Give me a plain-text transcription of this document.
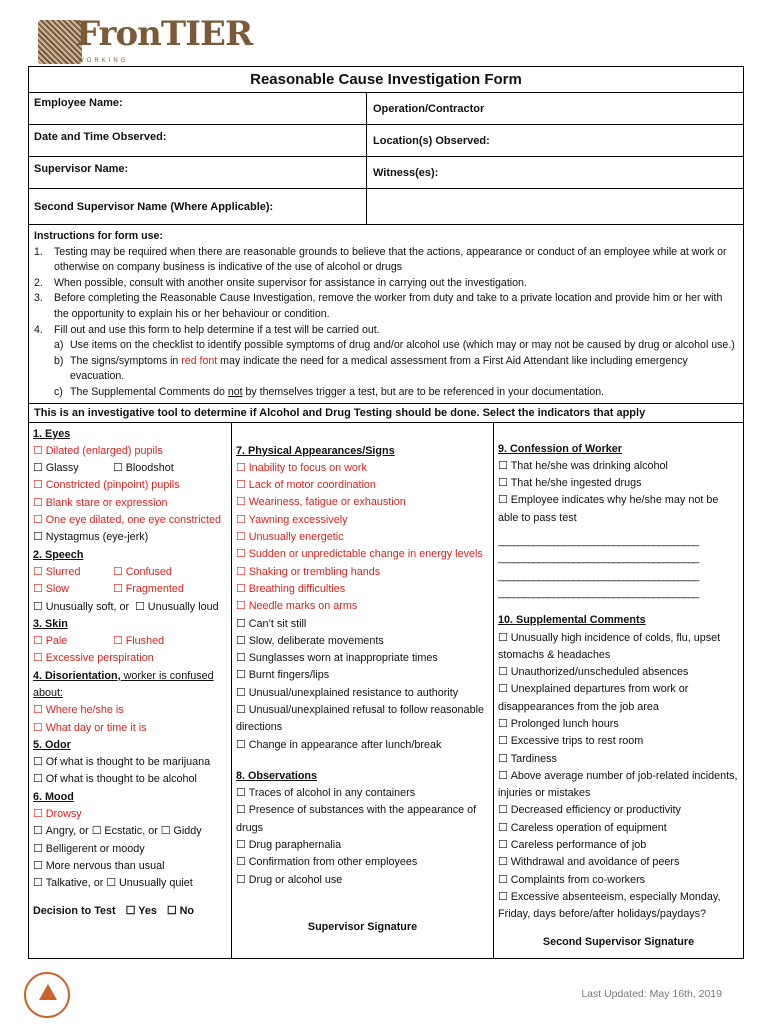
FronTIER
WORKING
Reasonable Cause Investigation Form
Employee Name:	Operation/Contractor
Date and Time Observed:	Location(s) Observed:
Supervisor Name:	Witness(es):
Second Supervisor Name (Where Applicable):
Instructions for form use:
1.	Testing may be required when there are reasonable grounds to believe that the actions, appearance or conduct of an employee while at work or otherwise on company business is indicative of the use of alcohol or drugs
2.	When possible, consult with another onsite supervisor for assistance in carrying out the investigation.
3.	Before completing the Reasonable Cause Investigation, remove the worker from duty and take to a private location and provide him or her with the opportunity to explain his or her behaviour or condition.
4.	Fill out and use this form to help determine if a test will be carried out.
a) Use items on the checklist to identify possible symptoms of drug and/or alcohol use (which may or may not be caused by drug or alcohol use.)
b) The signs/symptoms in red font may indicate the need for a medical assessment from a First Aid Attendant like including emergency evacuation.
c) The Supplemental Comments do not by themselves trigger a test, but are to be referenced in your documentation.
This is an investigative tool to determine if Alcohol and Drug Testing should be done. Select the indicators that apply
1. Eyes
☐ Dilated (enlarged) pupils
☐ Glassy	☐ Bloodshot
☐ Constricted (pinpoint) pupils
☐ Blank stare or expression
☐ One eye dilated, one eye constricted
☐ Nystagmus (eye-jerk)
2. Speech
☐ Slurred	☐ Confused
☐ Slow	☐ Fragmented
☐ Unusually soft, or ☐ Unusually loud
3. Skin
☐ Pale	☐ Flushed
☐ Excessive perspiration
4. Disorientation, worker is confused about:
☐ Where he/she is
☐ What day or time it is
5. Odor
☐ Of what is thought to be marijuana
☐ Of what is thought to be alcohol
6. Mood
☐ Drowsy
☐ Angry, or ☐ Ecstatic, or ☐ Giddy
☐ Belligerent or moody
☐ More nervous than usual
☐ Talkative, or ☐ Unusually quiet
Decision to Test	☐ Yes	☐ No
7. Physical Appearances/Signs
☐ Inability to focus on work
☐ Lack of motor coordination
☐ Weariness, fatigue or exhaustion
☐ Yawning excessively
☐ Unusually energetic
☐ Sudden or unpredictable change in energy levels
☐ Shaking or trembling hands
☐ Breathing difficulties
☐ Needle marks on arms
☐ Can’t sit still
☐ Slow, deliberate movements
☐ Sunglasses worn at inappropriate times
☐ Burnt fingers/lips
☐ Unusual/unexplained resistance to authority
☐ Unusual/unexplained refusal to follow reasonable directions
☐ Change in appearance after lunch/break
8. Observations
☐ Traces of alcohol in any containers
☐ Presence of substances with the appearance of drugs
☐ Drug paraphernalia
☐ Confirmation from other employees
☐ Drug or alcohol use
Supervisor Signature
9. Confession of Worker
☐ That he/she was drinking alcohol
☐ That he/she ingested drugs
☐ Employee indicates why he/she may not be able to pass test
________________________________________
________________________________________
________________________________________
________________________________________
10. Supplemental Comments
☐ Unusually high incidence of colds, flu, upset stomachs & headaches
☐ Unauthorized/unscheduled absences
☐ Unexplained departures from work or disappearances from the job area
☐ Prolonged lunch hours
☐ Excessive trips to rest room
☐ Tardiness
☐ Above average number of job-related incidents, injuries or mistakes
☐ Decreased efficiency or productivity
☐ Careless operation of equipment
☐ Careless performance of job
☐ Withdrawal and avoidance of peers
☐ Complaints from co-workers
☐ Excessive absenteeism, especially Monday, Friday, days before/after holidays/paydays?
Second Supervisor Signature
Last Updated: May 16th, 2019
